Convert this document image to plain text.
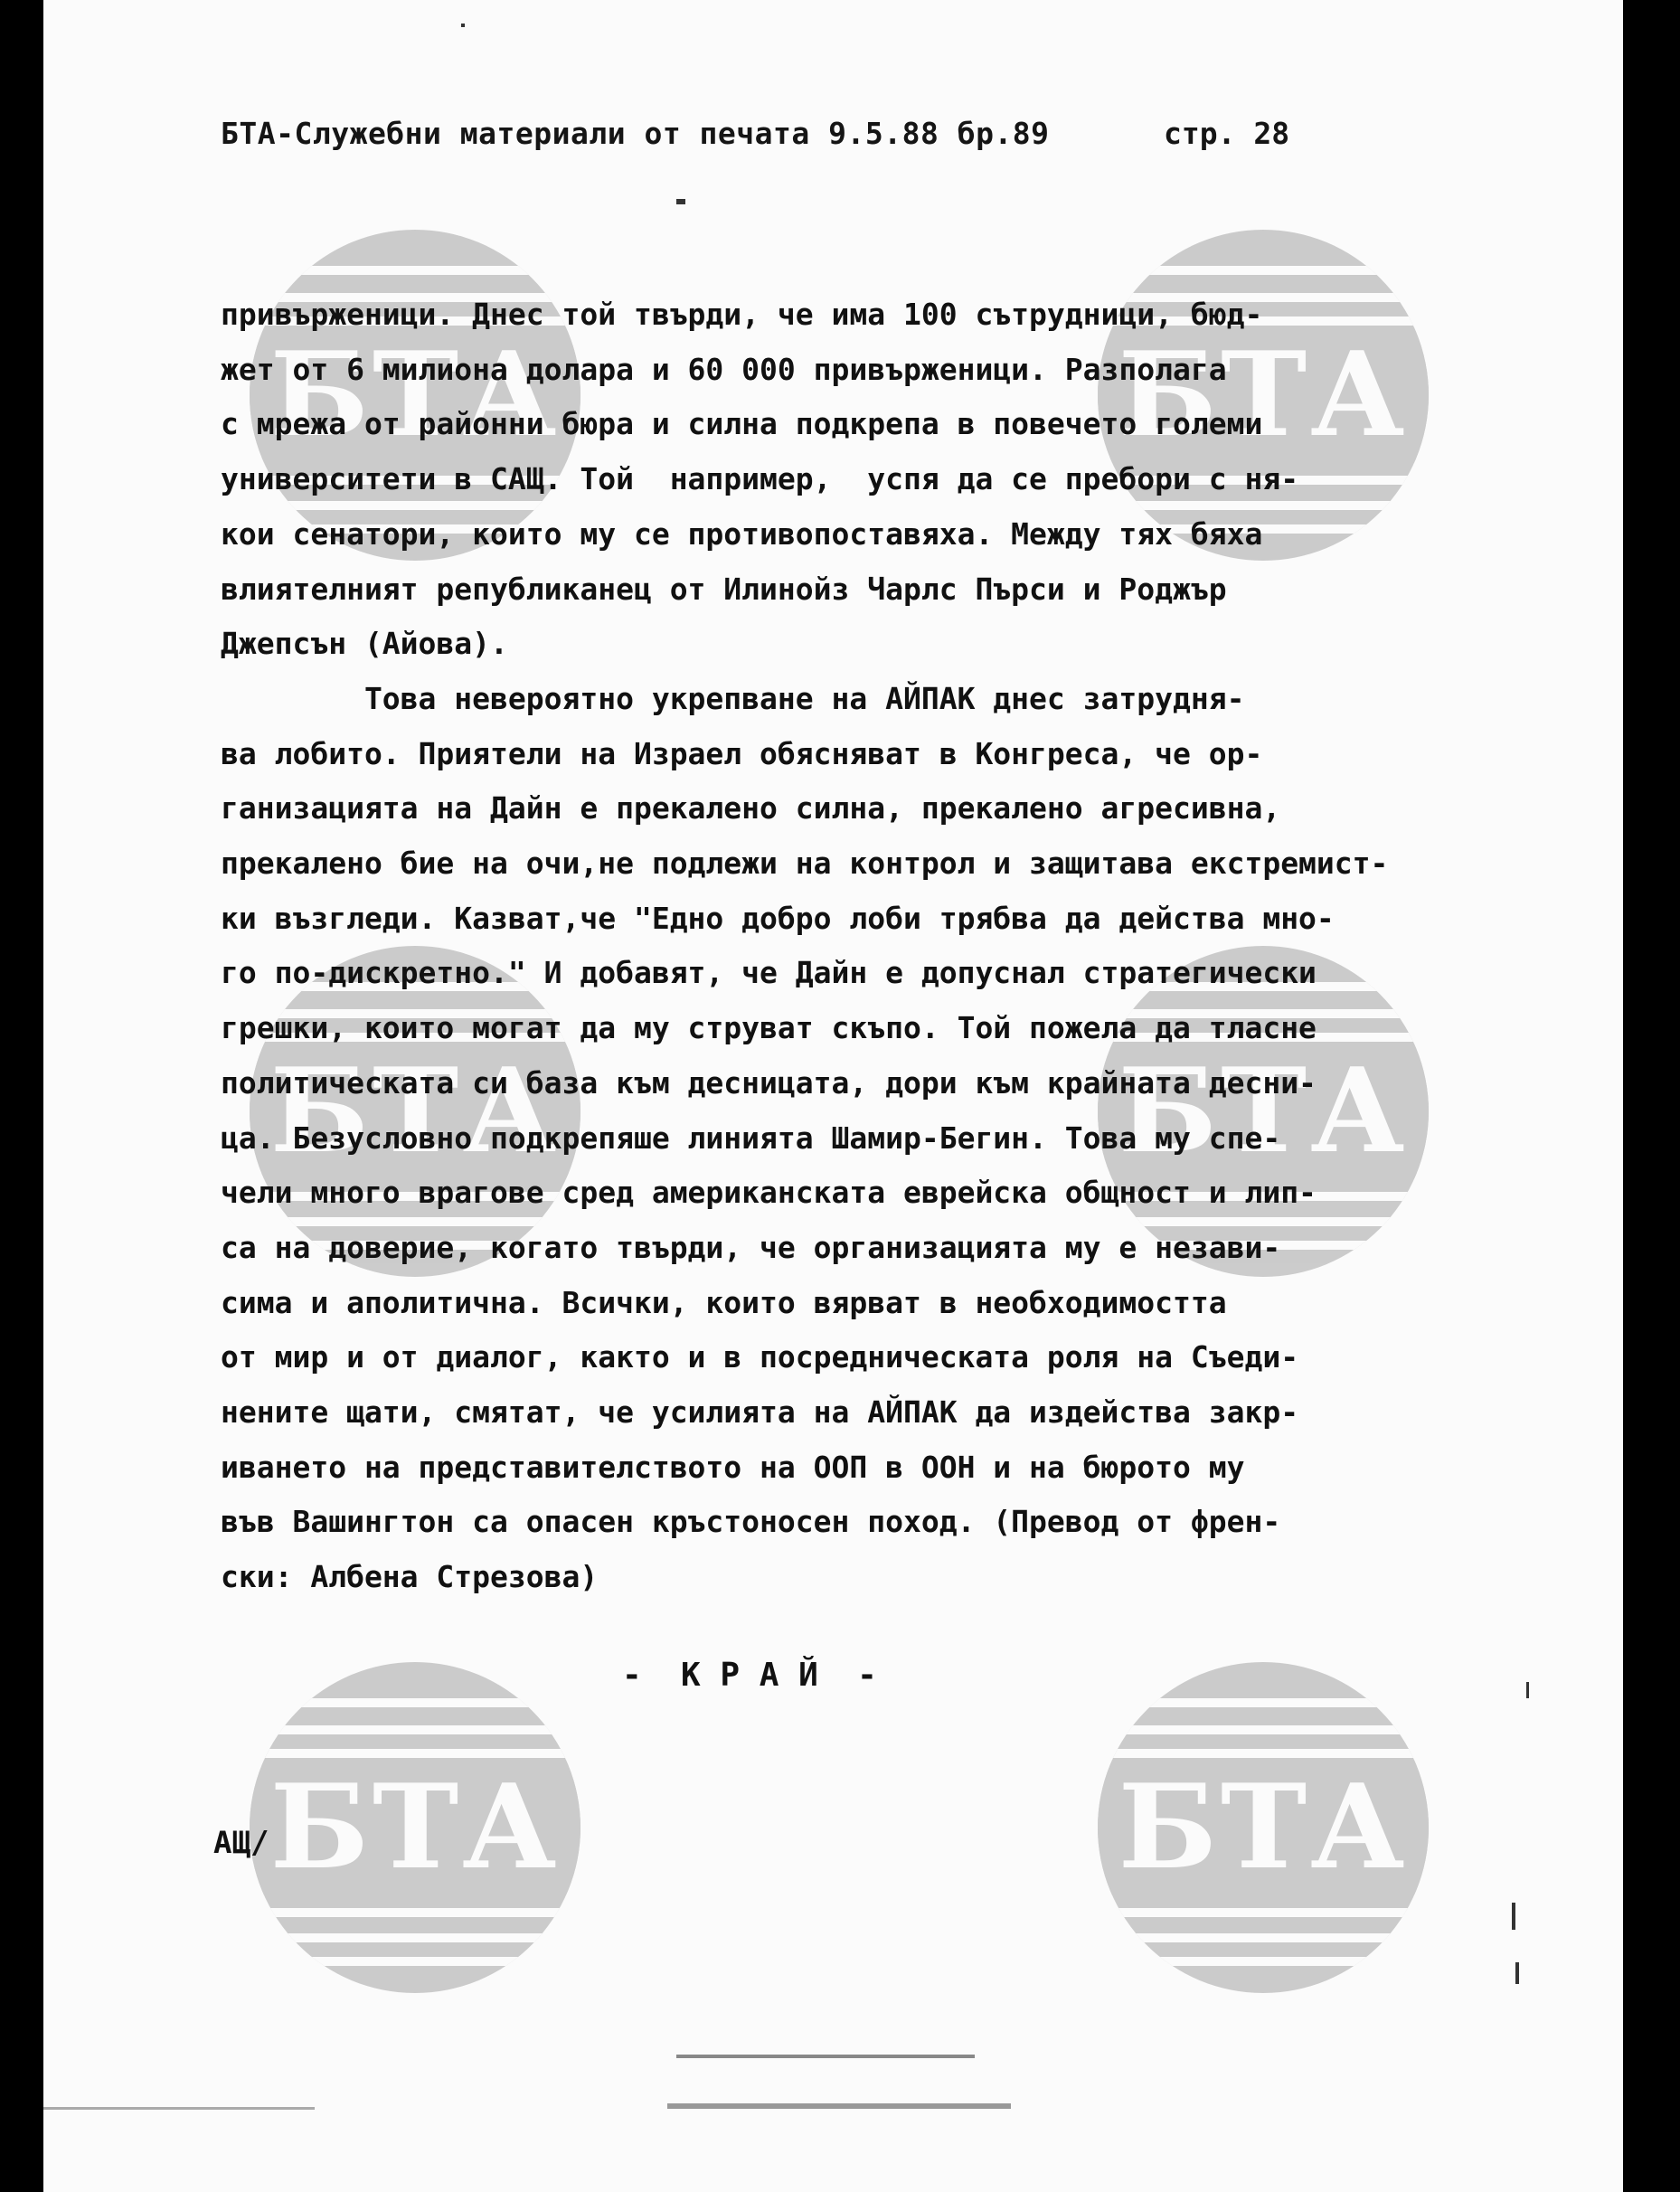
БТА	БТА
БТА	БТА
БТА	БТА
БТА-Служебни материали от печата 9.5.88 бр.89	стр. 28
привърженици. Днес той твърди, че има 100 сътрудници, бюд-
жет от 6 милиона долара и 60 000 привърженици. Разполага
с мрежа от районни бюра и силна подкрепа в повечето големи
университети в САЩ. Той  например,  успя да се пребори с ня-
кои сенатори, които му се противопоставяха. Между тях бяха
влиятелният републиканец от Илинойз Чарлс Пърси и Роджър
Джепсън (Айова).
Това невероятно укрепване на АЙПАК днес затрудня-
ва лобито. Приятели на Израел обясняват в Конгреса, че ор-
ганизацията на Дайн е прекалено силна, прекалено агресивна,
прекалено бие на очи,не подлежи на контрол и защитава екстремист-
ки възгледи. Казват,че "Едно добро лоби трябва да действа мно-
го по-дискретно." И добавят, че Дайн е допуснал стратегически
грешки, които могат да му струват скъпо. Той пожела да тласне
политическата си база към десницата, дори към крайната десни-
ца. Безусловно подкрепяше линията Шамир-Бегин. Това му спе-
чели много врагове сред американската еврейска общност и лип-
са на доверие, когато твърди, че организацията му е незави-
сима и аполитична. Всички, които вярват в необходимостта
от мир и от диалог, както и в посредническата роля на Съеди-
нените щати, смятат, че усилията на АЙПАК да издейства закр-
иването на представителството на ООП в ООН и на бюрото му
във Вашингтон са опасен кръстоносен поход. (Превод от френ-
ски: Албена Стрезова)
-  К Р А Й  -
АЩ/
